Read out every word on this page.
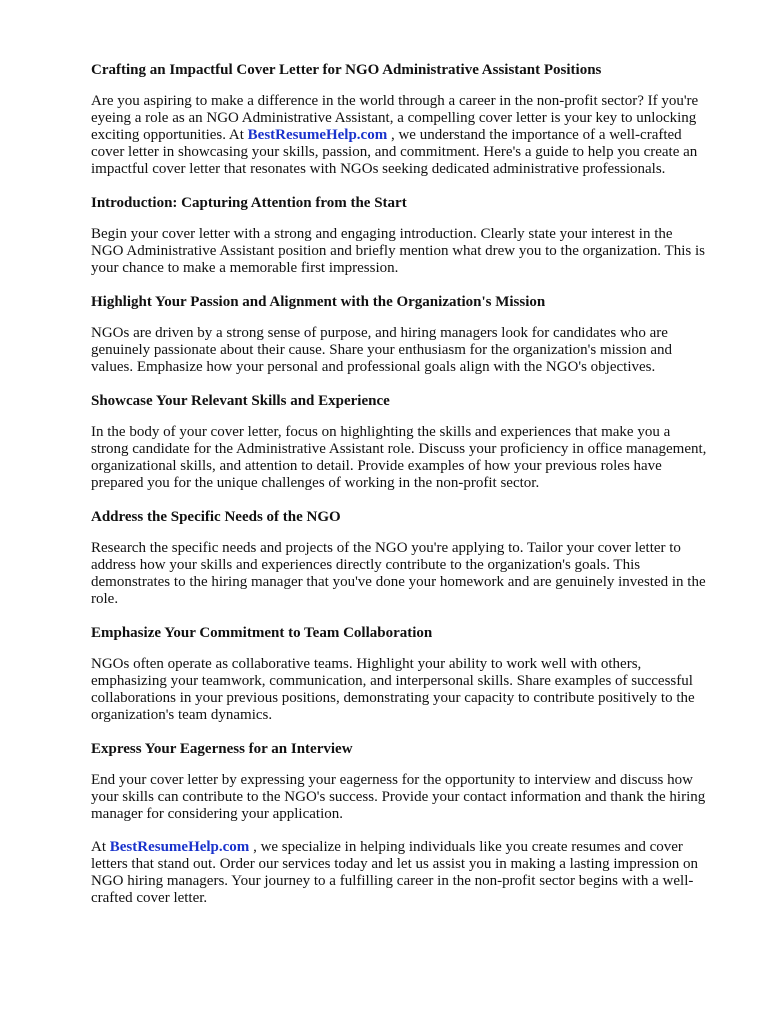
Crafting an Impactful Cover Letter for NGO Administrative Assistant Positions

Are you aspiring to make a difference in the world through a career in the non-profit sector? If you're eyeing a role as an NGO Administrative Assistant, a compelling cover letter is your key to unlocking exciting opportunities. At BestResumeHelp.com , we understand the importance of a well-crafted cover letter in showcasing your skills, passion, and commitment. Here's a guide to help you create an impactful cover letter that resonates with NGOs seeking dedicated administrative professionals.

Introduction: Capturing Attention from the Start

Begin your cover letter with a strong and engaging introduction. Clearly state your interest in the NGO Administrative Assistant position and briefly mention what drew you to the organization. This is your chance to make a memorable first impression.

Highlight Your Passion and Alignment with the Organization's Mission

NGOs are driven by a strong sense of purpose, and hiring managers look for candidates who are genuinely passionate about their cause. Share your enthusiasm for the organization's mission and values. Emphasize how your personal and professional goals align with the NGO's objectives.

Showcase Your Relevant Skills and Experience

In the body of your cover letter, focus on highlighting the skills and experiences that make you a strong candidate for the Administrative Assistant role. Discuss your proficiency in office management, organizational skills, and attention to detail. Provide examples of how your previous roles have prepared you for the unique challenges of working in the non-profit sector.

Address the Specific Needs of the NGO

Research the specific needs and projects of the NGO you're applying to. Tailor your cover letter to address how your skills and experiences directly contribute to the organization's goals. This demonstrates to the hiring manager that you've done your homework and are genuinely invested in the role.

Emphasize Your Commitment to Team Collaboration

NGOs often operate as collaborative teams. Highlight your ability to work well with others, emphasizing your teamwork, communication, and interpersonal skills. Share examples of successful collaborations in your previous positions, demonstrating your capacity to contribute positively to the organization's team dynamics.

Express Your Eagerness for an Interview

End your cover letter by expressing your eagerness for the opportunity to interview and discuss how your skills can contribute to the NGO's success. Provide your contact information and thank the hiring manager for considering your application.

At BestResumeHelp.com , we specialize in helping individuals like you create resumes and cover letters that stand out. Order our services today and let us assist you in making a lasting impression on NGO hiring managers. Your journey to a fulfilling career in the non-profit sector begins with a well-crafted cover letter.
